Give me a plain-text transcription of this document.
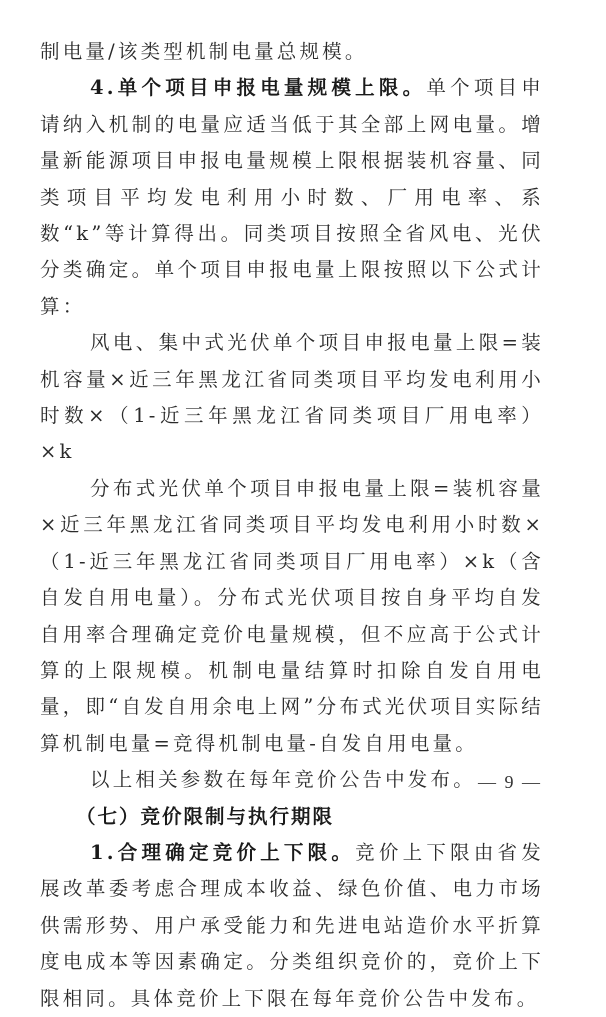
制电量/该类型机制电量总规模。

4.单个项目申报电量规模上限。单个项目申请纳入机制的电量应适当低于其全部上网电量。增量新能源项目申报电量规模上限根据装机容量、同类项目平均发电利用小时数、厂用电率、系数“k”等计算得出。同类项目按照全省风电、光伏分类确定。单个项目申报电量上限按照以下公式计算：

风电、集中式光伏单个项目申报电量上限=装机容量×近三年黑龙江省同类项目平均发电利用小时数×（1-近三年黑龙江省同类项目厂用电率）×k

分布式光伏单个项目申报电量上限=装机容量×近三年黑龙江省同类项目平均发电利用小时数×（1-近三年黑龙江省同类项目厂用电率）×k（含自发自用电量）。分布式光伏项目按自身平均自发自用率合理确定竞价电量规模，但不应高于公式计算的上限规模。机制电量结算时扣除自发自用电量，即“自发自用余电上网”分布式光伏项目实际结算机制电量=竞得机制电量-自发自用电量。

以上相关参数在每年竞价公告中发布。

（七）竞价限制与执行期限

1.合理确定竞价上下限。竞价上下限由省发展改革委考虑合理成本收益、绿色价值、电力市场供需形势、用户承受能力和先进电站造价水平折算度电成本等因素确定。分类组织竞价的，竞价上下限相同。具体竞价上下限在每年竞价公告中发布。

— 9 —
